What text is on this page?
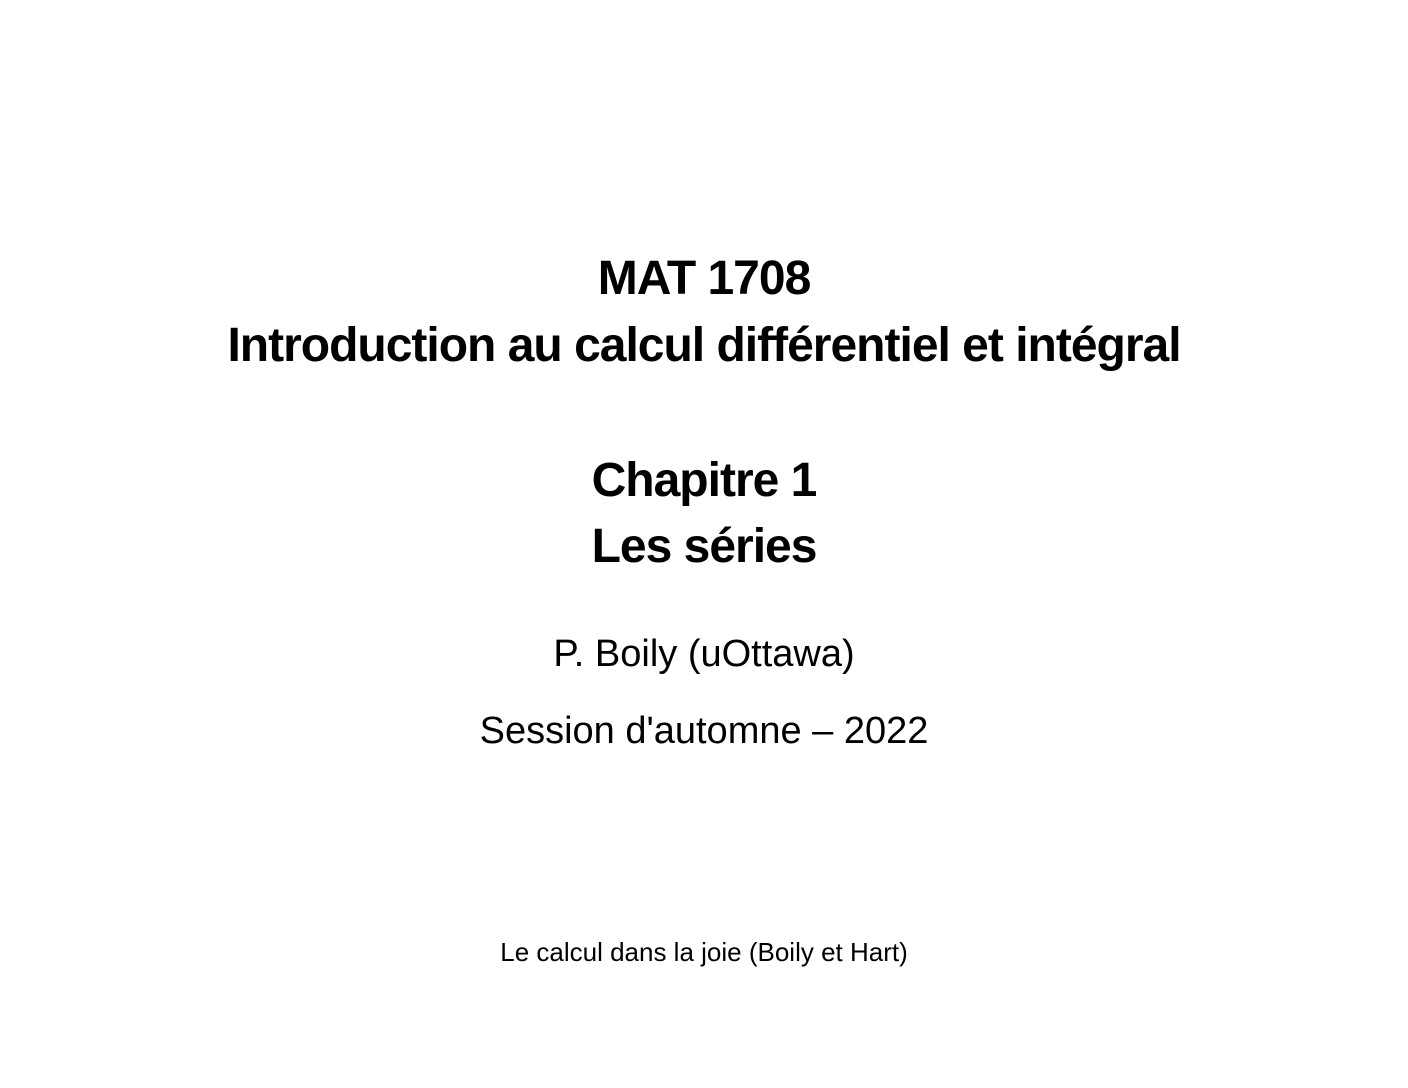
MAT 1708
Introduction au calcul différentiel et intégral
Chapitre 1
Les séries
P. Boily (uOttawa)
Session d'automne – 2022
Le calcul dans la joie (Boily et Hart)
